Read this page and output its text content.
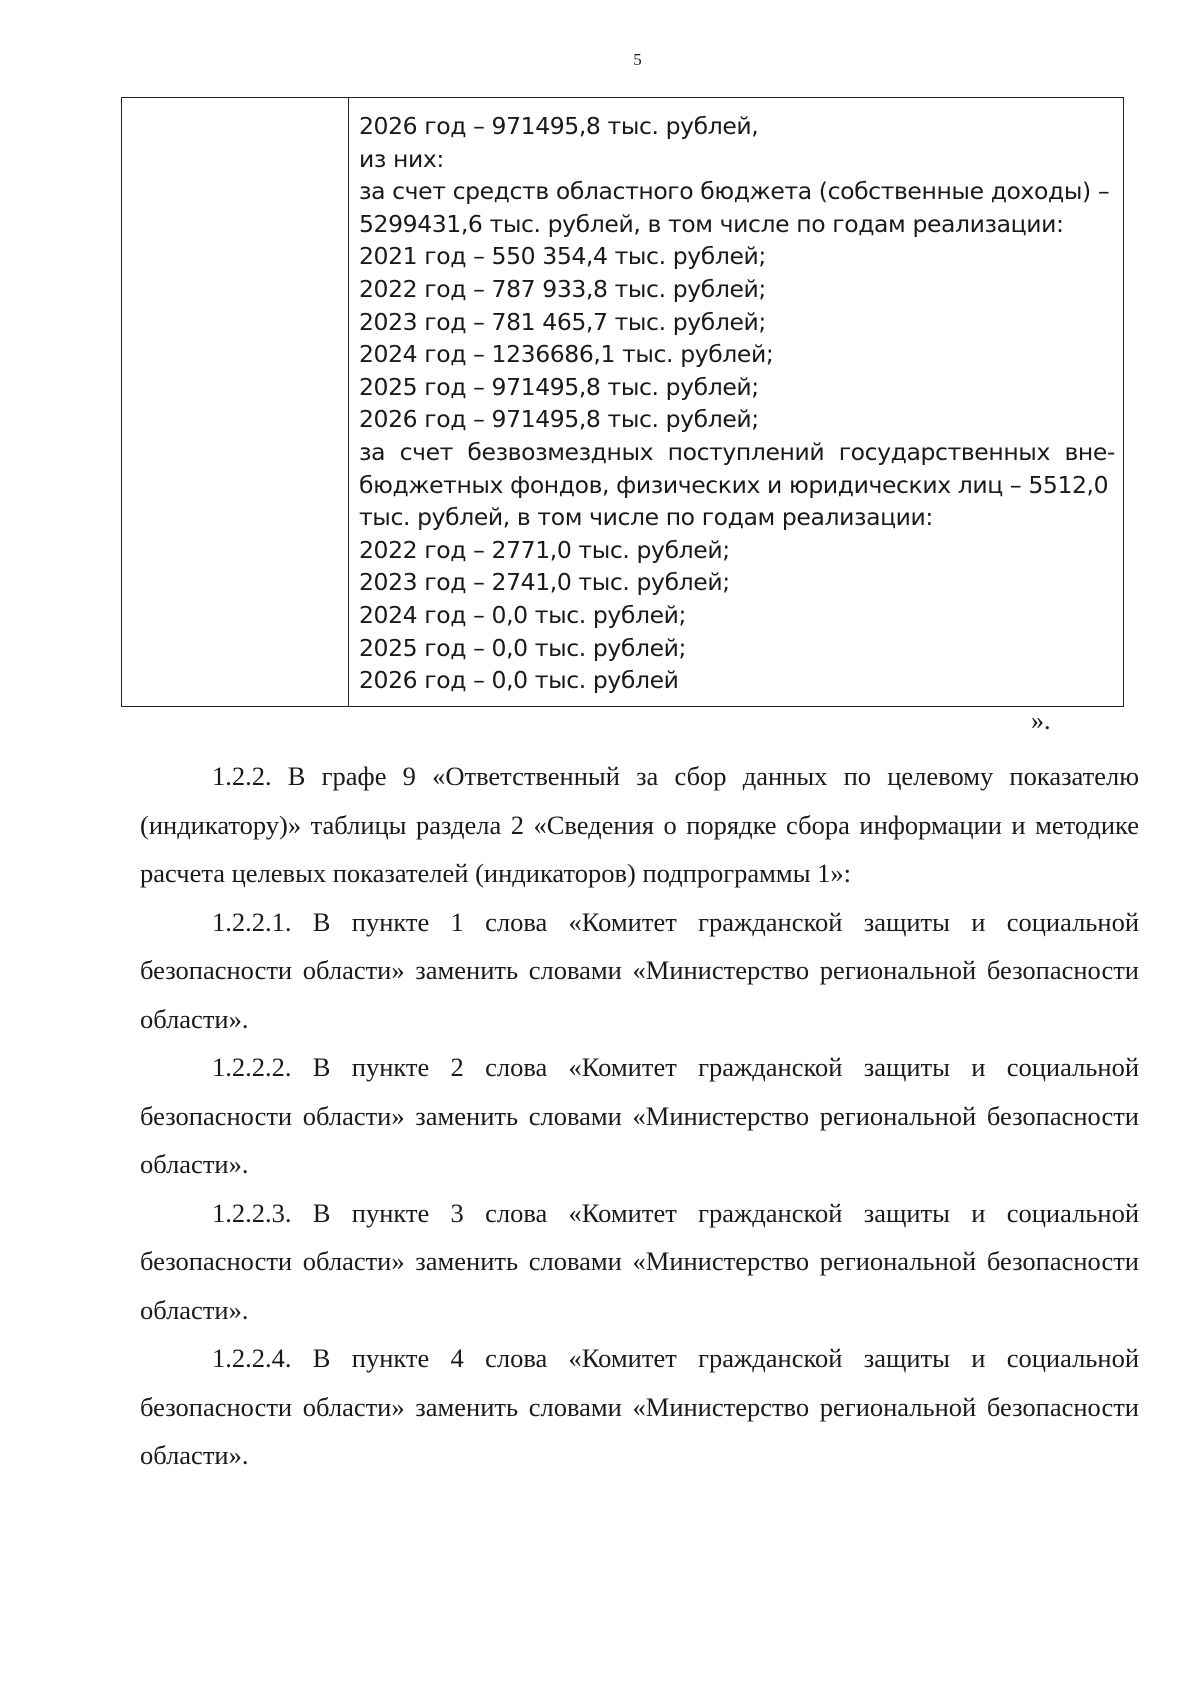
5
2026 год – 971495,8 тыс. рублей,
из них:
за счет средств областного бюджета (собственные доходы) –
5299431,6 тыс. рублей, в том числе по годам реализации:
2021 год – 550 354,4 тыс. рублей;
2022 год – 787 933,8 тыс. рублей;
2023 год – 781 465,7 тыс. рублей;
2024 год – 1236686,1 тыс. рублей;
2025 год – 971495,8 тыс. рублей;
2026 год – 971495,8 тыс. рублей;
за счет безвозмездных поступлений государственных вне-
бюджетных фондов, физических и юридических лиц – 5512,0
тыс. рублей, в том числе по годам реализации:
2022 год – 2771,0 тыс. рублей;
2023 год – 2741,0 тыс. рублей;
2024 год – 0,0 тыс. рублей;
2025 год – 0,0 тыс. рублей;
2026 год – 0,0 тыс. рублей
».

1.2.2. В графе 9 «Ответственный за сбор данных по целевому показателю (индикатору)» таблицы раздела 2 «Сведения о порядке сбора информации и методике расчета целевых показателей (индикаторов) подпрограммы 1»:

1.2.2.1. В пункте 1 слова «Комитет гражданской защиты и социальной безопасности области» заменить словами «Министерство региональной безопасности области».

1.2.2.2. В пункте 2 слова «Комитет гражданской защиты и социальной безопасности области» заменить словами «Министерство региональной безопасности области».

1.2.2.3. В пункте 3 слова «Комитет гражданской защиты и социальной безопасности области» заменить словами «Министерство региональной безопасности области».

1.2.2.4. В пункте 4 слова «Комитет гражданской защиты и социальной безопасности области» заменить словами «Министерство региональной безопасности области».
